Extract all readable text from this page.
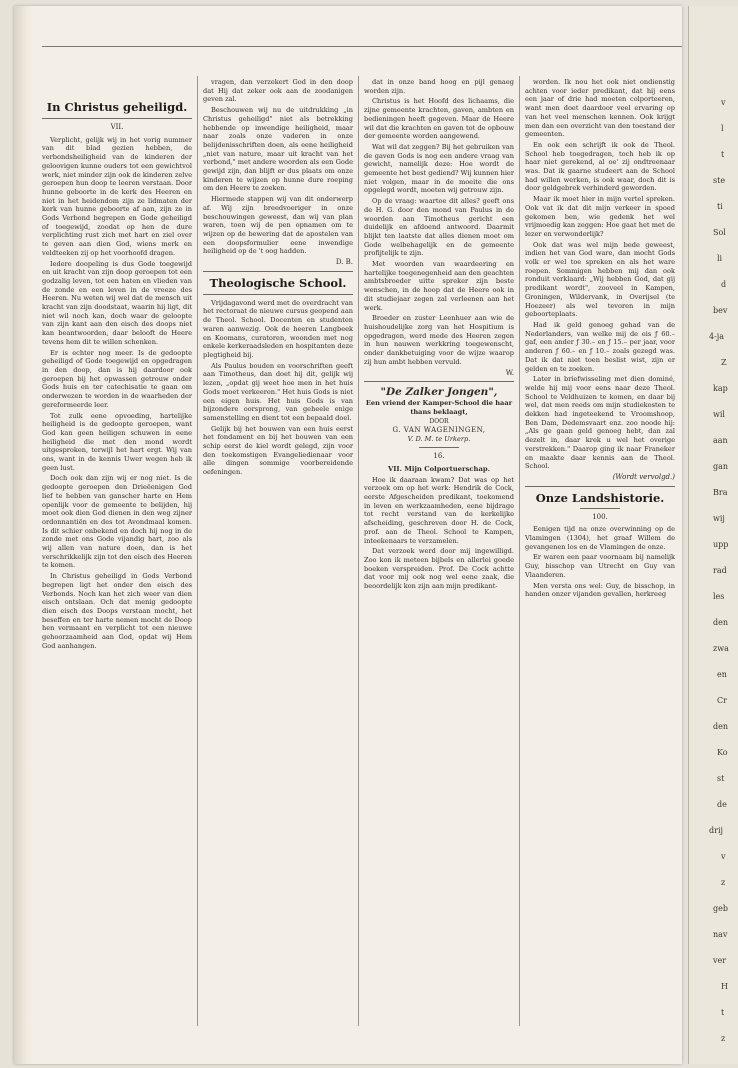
In Christus geheiligd.
VII.

Verplicht, gelijk wij in het vorig nummer van dit blad gezien hebben, de verbondsheiligheid van de kinderen der geloovigen kunne ouders tot een gewichtvol werk, niet minder zijn ook de kinderen zelve geroepen hun doop te leeren verstaan. Door hunne geboorte in de kerk des Heeren en niet in het heidendom zijn ze lidmaten der kerk van hunne geboorte af aan, zijn ze in Gods Verbond begrepen en Gode geheiligd of toegewijd, zoodat op hen de dure verplichting rust zich met hart en ziel over te geven aan dien God, wiens merk en veldteeken zij op het voorhoofd dragen.

Iedere doopeling is dus Gode toegewijd en uit kracht van zijn doop geroepen tot een godzalig leven, tot een haten en vlieden van de zonde en een leven in de vreeze des Heeren. Nu weten wij wel dat de mensch uit kracht van zijn doodstaat, waarin hij ligt, dit niet wil noch kan, doch waar de geloopte van zijn kant aan den eisch des doops niet kan beantwoorden, daar belooft de Heere tevens hem dit te willen schenken.

Er is echter nog meer. Is de gedoopte geheiligd of Gode toegewijd en opgedragen in den doop, dan is hij daardoor ook geroepen bij het opwassen getrouw onder Gods huis en ter catechisatie te gaan om onderwezen te worden in de waarheden der gereformeerde leer.

Tot zulk eene opvoeding, hartelijke heiligheid is de gedoopte geroepen, want God kan geen heiligen schuwen in eene heiligheid die met den mond wordt uitgesproken, terwijl het hart ergt. Wij van ons, want in de kennis Uwer wegen heb ik geen lust.

Doch ook dan zijn wij er nog niet. Is de gedoopte geroepen den Drieëenigen God lief te hebben van ganscher harte en Hem openlijk voor de gemeente te belijden, hij moet ook dien God dienen in den weg zijner ordonnantiën en des tot Avondmaal komen. Is dit schier onbekend en doch hij nog in de zonde met ons Gode vijandig hart, zoo als wij allen van nature doen, dan is het verschrikkelijk zijn tot den eisch des Heeren te komen.

In Christus geheiligd in Gods Verbond begrepen ligt het onder den eisch des Verbonds. Noch kan het zich weer van dien eisch ontslaan. Och dat menig gedoopte dien eisch des Doops verstaan mocht, het beseffen en ter harte nemen mocht de Doop hen vermaant en verplicht tot een nieuwe gehoorzaamheid aan God, opdat wij Hem God aanhangen.

vragen, dan verzekert God in den doop dat Hij dat zeker ook aan de zoodanigen geven zal.

Beschouwen wij nu de uitdrukking „in Christus geheiligd" niet als betrekking hebbende op inwendige heiligheid, maar naar zoals onze vaderen in onze belijdenisschriften doen, als eene heiligheid „niet van nature, maar uit kracht van het verbond," met andere woorden als een Gode gewijd zijn, dan blijft er dus plaats om onze kinderen te wijzen op hunne dure roeping om den Heere te zoeken.

Hiermede stappen wij van dit onderwerp af. Wij zijn breedvoeriger in onze beschouwingen geweest, dan wij van plan waren, toen wij de pen opnamen om te wijzen op de bewering dat de apostelen van een doopsformulier eene inwendige heiligheid op de 't oog hadden.

D. B.
Theologische School.

Vrijdagavond werd met de overdracht van het rectoraat de nieuwe cursus geopend aan de Theol. School. Docenten en studenten waren aanwezig. Ook de heeren Langbeek en Koomans, curatoren, woonden met nog enkele kerkeraadsleden en hospitanten deze plegtigheid bij.

Als Paulus bouden en voorschriften geeft aan Timotheus, dan doet hij dit, gelijk wij lezen, „opdat gij weet hoe men in het huis Gods moet verkeeren." Het huis Gods is niet een eigen huis. Het huis Gods is van bijzondere oorsprong, van geheele enige samenstelling en dient tot een bepaald doel.

Gelijk bij het bouwen van een huis eerst het fondament en bij het bouwen van een schip eerst de kiel wordt gelegd, zijn voor den toekomstigen Evangeliedienaar voor alle dingen sommige voorbereidende oefeningen.

dat in onze band hoog en pijl genaeg worden zijn.

Christus is het Hoofd des lichaams, die zijne gemeente krachten, gaven, ambten en bedieningen heeft gegeven. Maar de Heere wil dat die krachten en gaven tot de opbouw der gemeente worden aangewend.

Wat wil dat zeggen? Bij het gebruiken van de gaven Gods is nog een andere vraag van gewicht, namelijk deze: Hoe wordt de gemeente het best gediend? Wij kunnen hier niet volgen, maar in de moeite die ons opgelegd wordt, moeten wij getrouw zijn.

Op de vraag: waartoe dit alles? geeft ons de H. G. door den mond van Paulus in de woorden aan Timotheus gericht een duidelijk en afdoend antwoord. Daarmit blijkt ten laatste dat alles dienen moet om Gode welbehagelijk en de gemeente profijtelijk te zijn.

Met woorden van waardeering en hartelijke toegenegenheid aan den geachten ambtsbroeder uitte spreker zijn beste wenschen, in de hoop dat de Heere ook in dit studiejaar zegen zal verleenen aan het werk.

Broeder en zuster Leenhuer aan wie de huishoudelijke zorg van het Hospitium is opgedragen, werd mede des Heeren zegen in hun nauwen werkkring toegewenscht, onder dankbetuiging voor de wijze waarop zij hun ambt hebben vervuld.

W.
"De Zalker Jongen",
Een vriend der Kamper-School die haar thans beklaagt,
DOOR
G. VAN WAGENINGEN,
V. D. M. te Urkerp.
16.
VII. Mijn Colportuerschap.

Hoe ik daaraan kwam? Dat was op het verzoek om op het werk: Hendrik de Cock, eerste Afgescheiden predikant, toekomend in leven en werkzaamheden, eene bijdrage tot recht verstand van de kerkelijke afscheiding, geschreven door H. de Cock, prof. aan de Theol. School te Kampen, inteekenaars te verzamelen.

Dat verzoek werd door mij ingewilligd. Zoo kon ik meteen bijbels en allerlei goede boeken verspreiden. Prof. De Cock achtte dat voor mij ook nog wel eene zaak, die beoordelijk kon zijn aan mijn predikant-

worden. Ik nou het ook niet ondienstig achten voor ieder predikant, dat hij eens een jaar of drie had moeten colporteeren, want men doet daardoor veel ervaring op van het veel menschen kennen. Ook krijgt men dan een overzicht van den toestand der gemeenten.

En ook een schrijft ik ook de Theol. School heb toegedragen, toch heb ik op haar niet gerekend, al oe' zij ondtreenaar was. Dat ik gaarne studeert aan de School had willen werken, is ook waar, doch dit is door geldgebrek verhinderd geworden.

Maar ik moet hier in mijn vertel spreken. Ook vat ik dat dit mijn verkeer in spoed gekomen ben, wie gedenk het wel vrijmoedig kan zeggen: Hoe gaat het met de lezer en verwonderlijk?

Ook dat was wel mijn bede geweest, indien het van God ware, dan mocht Gods volk er wel toe spreken en als het ware roepen. Sommigen hebben mij dan ook ronduit verklaard: „Wij hebben God, dat gij predikant wordt", zooveel in Kampen, Groningen, Wildervank, in Overijsel (te Hoezeer) als wel tevoren in mijn geboorteplaats.

Had ik geld genoeg gehad van de Nederlanders, van welke mij de eis ƒ 60.– gaf, een ander ƒ 30.– en ƒ 15.– per jaar, voor anderen ƒ 60.– en ƒ 10.– zoals gezegd was. Dat ik dat niet toen beslist wist, zijn er gelden en te zoeken.

Later in briefwisseling met dien dominé, welde hij mij voor eens naar deze Theol. School te Veldhuizen te komen, en daar bij wel, dat men reeds om mijn studiekosten te dekken had ingeteekend te Vroomshoop, Ben Dam, Dedemsvaart enz. zoo noode hij: „Als ge gaan geld genoeg hebt, dan zal dezelt in, daar krek u wel het overige verstrekken." Daarop ging ik naar Franeker en maakte daar kennis aan de Theol. School.

(Wordt vervolgd.)
Onze Landshistorie.
100.

Eenigen tijd na onze overwinning op de Vlamingen (1304), het graaf Willem de gevangenen los en de Vlamingen de onze.

Er waren een paar voornaam bij namelijk Guy, bisschop van Utrecht en Guy van Vlaanderen.

Men versta ons wel: Guy, de bisschop, in handen onzer vijanden gevallen, herkreeg

v
l
t
ste
ti
Sol
li
d
bev
4-ja
Z
kap
wil
aan
gan
Bra
wij
upp
rad
les
den
zwa
en
Cr
den
Ko
st
de
drij
v
z
geb
nav
ver
H
t
z
